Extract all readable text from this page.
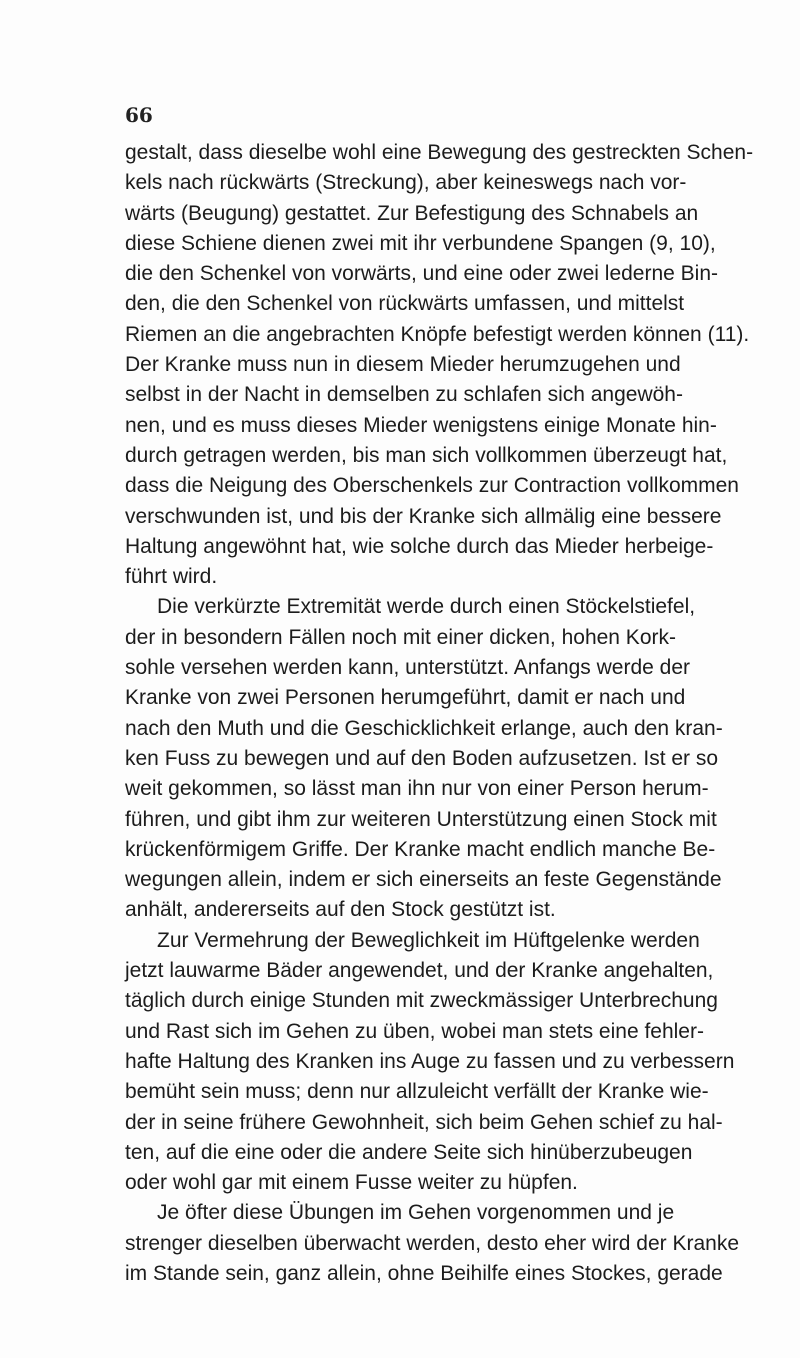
66
gestalt, dass dieselbe wohl eine Bewegung des gestreckten Schen-
kels nach rückwärts (Streckung), aber keineswegs nach vor-
wärts (Beugung) gestattet. Zur Befestigung des Schnabels an
diese Schiene dienen zwei mit ihr verbundene Spangen (9, 10),
die den Schenkel von vorwärts, und eine oder zwei lederne Bin-
den, die den Schenkel von rückwärts umfassen, und mittelst
Riemen an die angebrachten Knöpfe befestigt werden können (11).
Der Kranke muss nun in diesem Mieder herumzugehen und
selbst in der Nacht in demselben zu schlafen sich angewöh-
nen, und es muss dieses Mieder wenigstens einige Monate hin-
durch getragen werden, bis man sich vollkommen überzeugt hat,
dass die Neigung des Oberschenkels zur Contraction vollkommen
verschwunden ist, und bis der Kranke sich allmälig eine bessere
Haltung angewöhnt hat, wie solche durch das Mieder herbeige-
führt wird.
Die verkürzte Extremität werde durch einen Stöckelstiefel,
der in besondern Fällen noch mit einer dicken, hohen Kork-
sohle versehen werden kann, unterstützt. Anfangs werde der
Kranke von zwei Personen herumgeführt, damit er nach und
nach den Muth und die Geschicklichkeit erlange, auch den kran-
ken Fuss zu bewegen und auf den Boden aufzusetzen. Ist er so
weit gekommen, so lässt man ihn nur von einer Person herum-
führen, und gibt ihm zur weiteren Unterstützung einen Stock mit
krückenförmigem Griffe. Der Kranke macht endlich manche Be-
wegungen allein, indem er sich einerseits an feste Gegenstände
anhält, andererseits auf den Stock gestützt ist.
Zur Vermehrung der Beweglichkeit im Hüftgelenke werden
jetzt lauwarme Bäder angewendet, und der Kranke angehalten,
täglich durch einige Stunden mit zweckmässiger Unterbrechung
und Rast sich im Gehen zu üben, wobei man stets eine fehler-
hafte Haltung des Kranken ins Auge zu fassen und zu verbessern
bemüht sein muss; denn nur allzuleicht verfällt der Kranke wie-
der in seine frühere Gewohnheit, sich beim Gehen schief zu hal-
ten, auf die eine oder die andere Seite sich hinüberzubeugen
oder wohl gar mit einem Fusse weiter zu hüpfen.
Je öfter diese Übungen im Gehen vorgenommen und je
strenger dieselben überwacht werden, desto eher wird der Kranke
im Stande sein, ganz allein, ohne Beihilfe eines Stockes, gerade
